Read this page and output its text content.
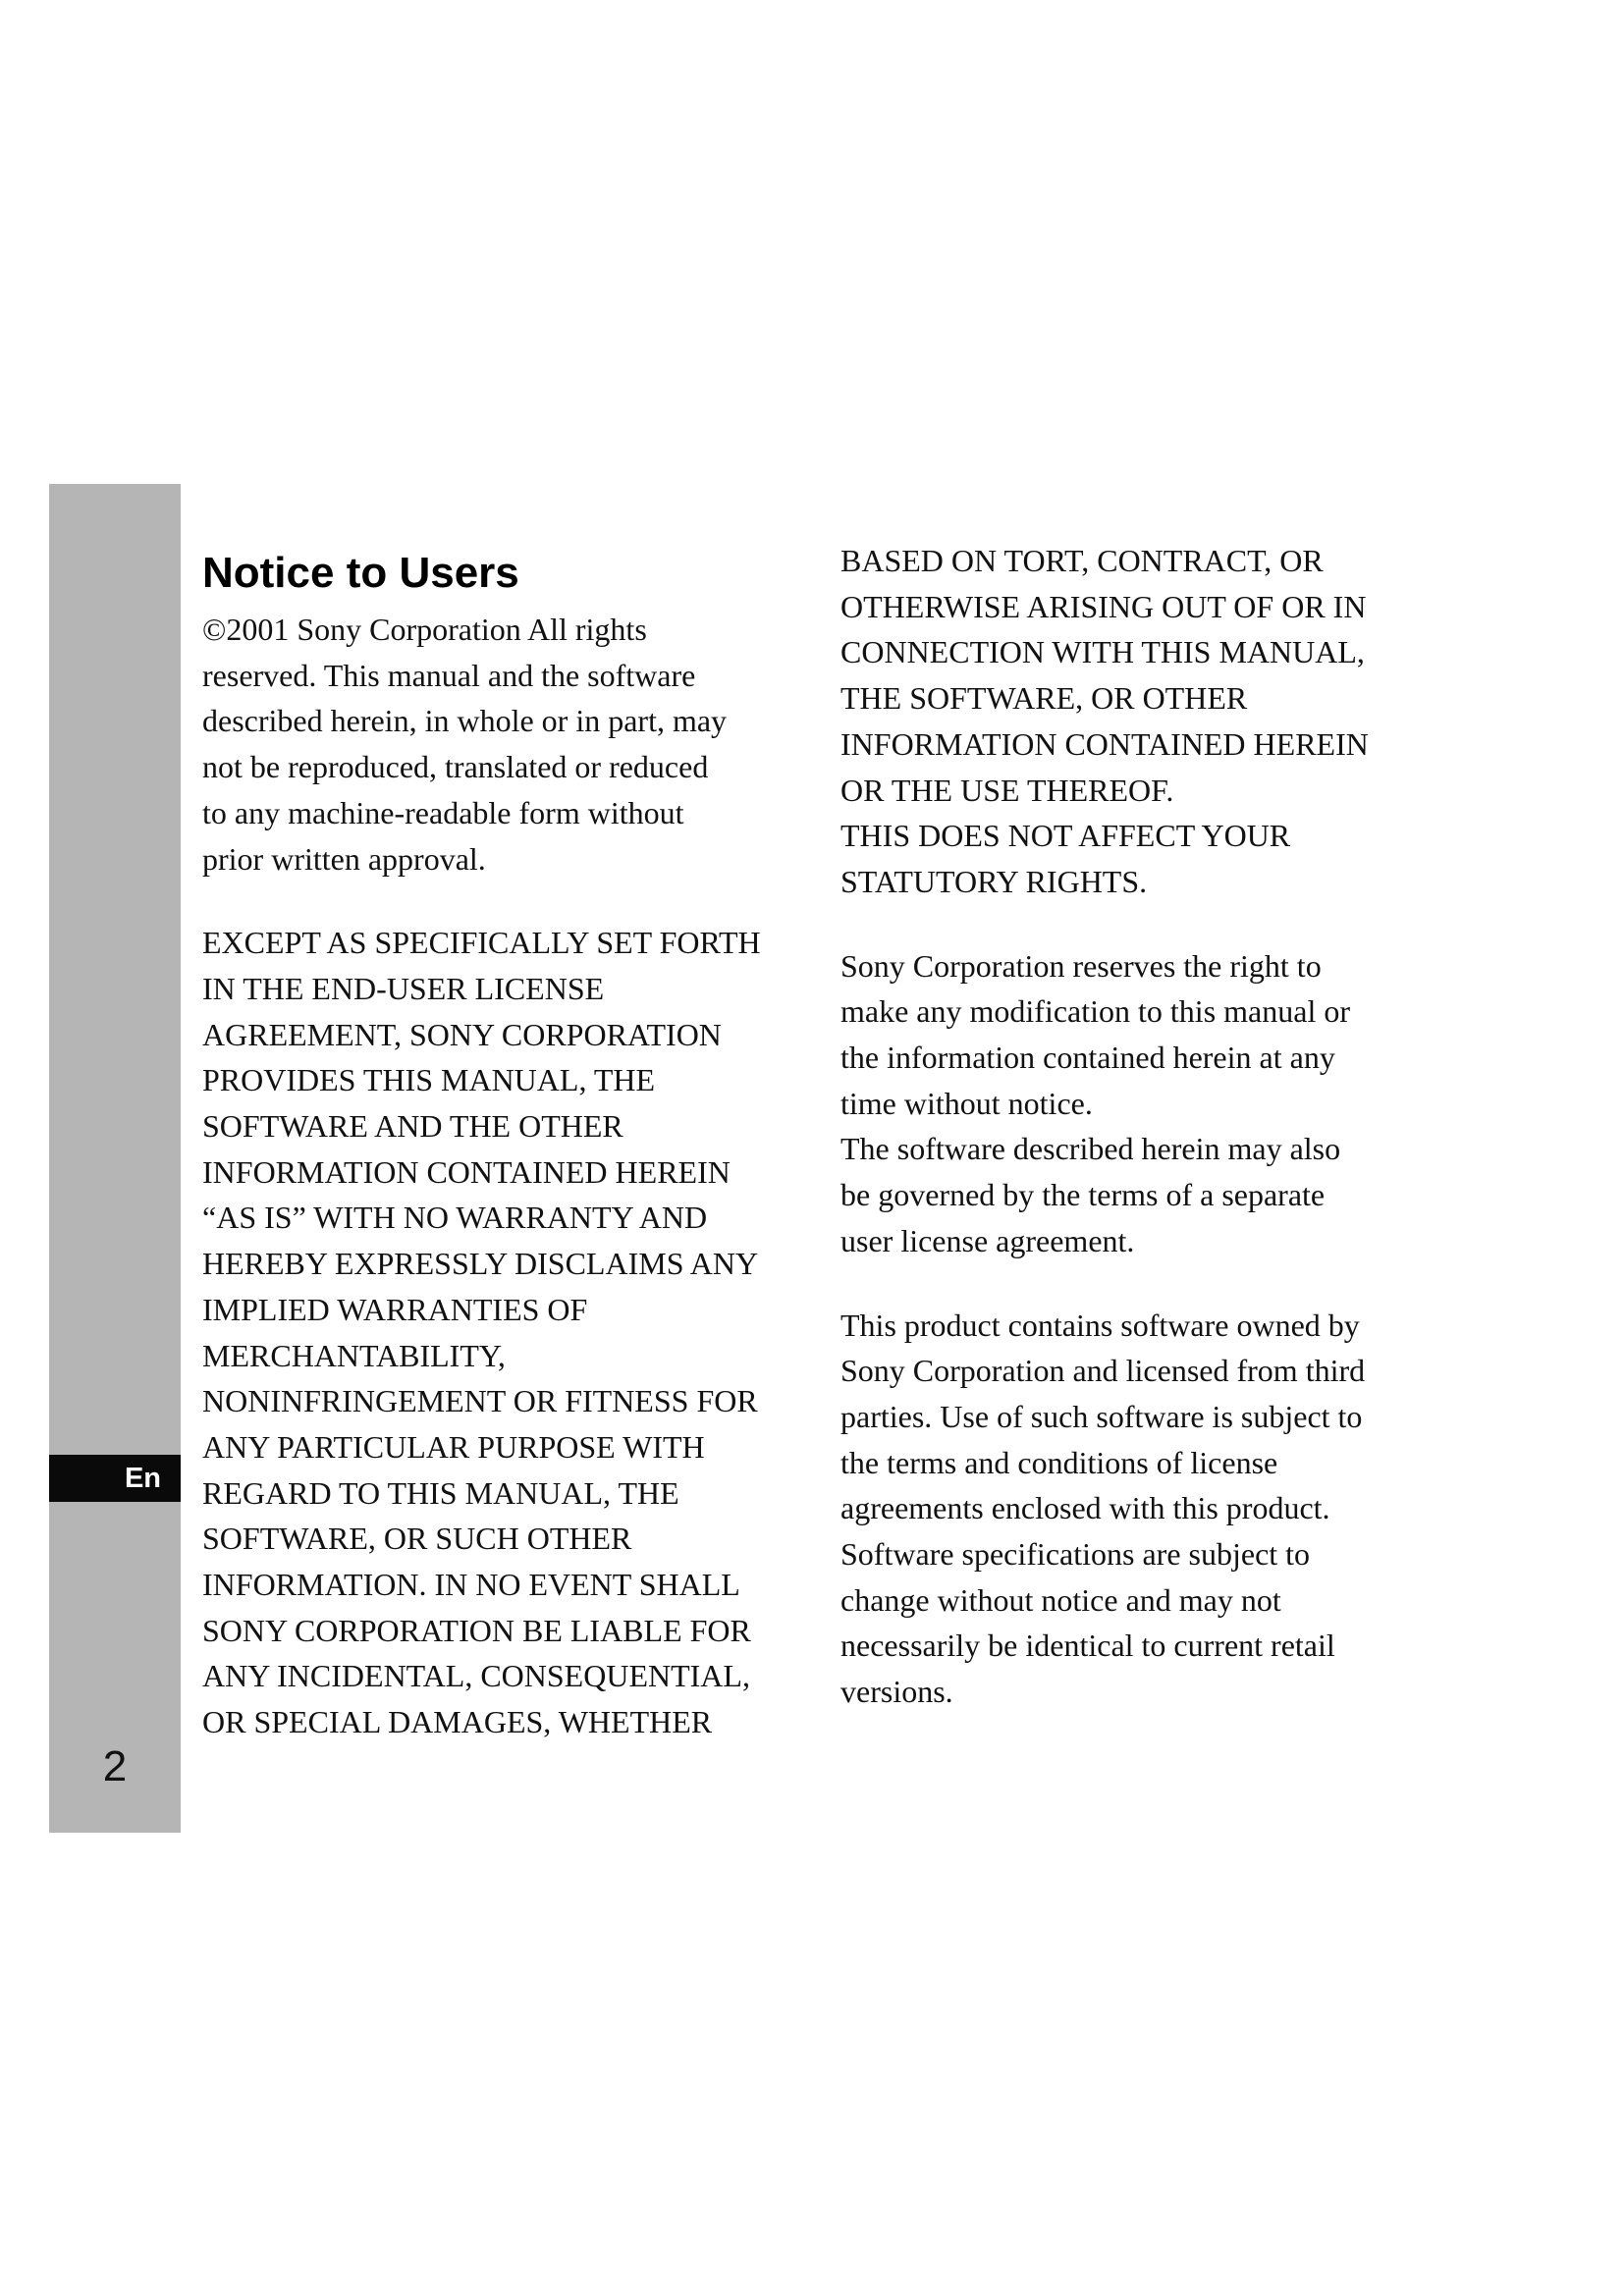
En
2
Notice to Users
©2001 Sony Corporation All rights
reserved. This manual and the software
described herein, in whole or in part, may
not be reproduced, translated or reduced
to any machine-readable form without
prior written approval.
EXCEPT AS SPECIFICALLY SET FORTH
IN THE END-USER LICENSE
AGREEMENT, SONY CORPORATION
PROVIDES THIS MANUAL, THE
SOFTWARE AND THE OTHER
INFORMATION CONTAINED HEREIN
“AS IS” WITH NO WARRANTY AND
HEREBY EXPRESSLY DISCLAIMS ANY
IMPLIED WARRANTIES OF
MERCHANTABILITY,
NONINFRINGEMENT OR FITNESS FOR
ANY PARTICULAR PURPOSE WITH
REGARD TO THIS MANUAL, THE
SOFTWARE, OR SUCH OTHER
INFORMATION. IN NO EVENT SHALL
SONY CORPORATION BE LIABLE FOR
ANY INCIDENTAL, CONSEQUENTIAL,
OR SPECIAL DAMAGES, WHETHER
BASED ON TORT, CONTRACT, OR
OTHERWISE ARISING OUT OF OR IN
CONNECTION WITH THIS MANUAL,
THE SOFTWARE, OR OTHER
INFORMATION CONTAINED HEREIN
OR THE USE THEREOF.
THIS DOES NOT AFFECT YOUR
STATUTORY RIGHTS.
Sony Corporation reserves the right to
make any modification to this manual or
the information contained herein at any
time without notice.
The software described herein may also
be governed by the terms of a separate
user license agreement.
This product contains software owned by
Sony Corporation and licensed from third
parties. Use of such software is subject to
the terms and conditions of license
agreements enclosed with this product.
Software specifications are subject to
change without notice and may not
necessarily be identical to current retail
versions.
